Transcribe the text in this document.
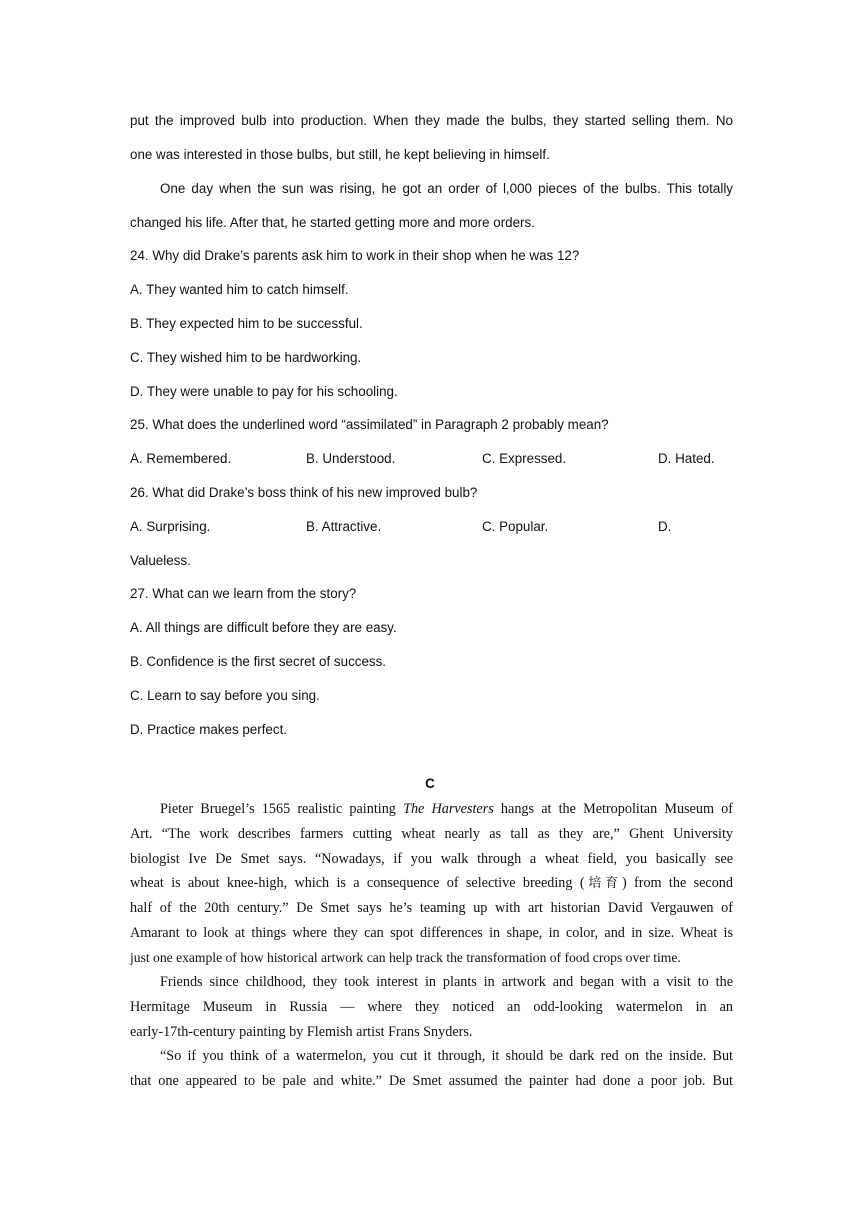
put the improved bulb into production. When they made the bulbs, they started selling them. No
one was interested in those bulbs, but still, he kept believing in himself.
One day when the sun was rising, he got an order of l,000 pieces of the bulbs. This totally
changed his life. After that, he started getting more and more orders.
24. Why did Drake’s parents ask him to work in their shop when he was 12?
A. They wanted him to catch himself.
B. They expected him to be successful.
C. They wished him to be hardworking.
D. They were unable to pay for his schooling.
25. What does the underlined word “assimilated” in Paragraph 2 probably mean?
A. Remembered.	B. Understood.	C. Expressed.	D. Hated.
26. What did Drake’s boss think of his new improved bulb?
A. Surprising.	B. Attractive.	C. Popular.	D.
Valueless.
27. What can we learn from the story?
A. All things are difficult before they are easy.
B. Confidence is the first secret of success.
C. Learn to say before you sing.
D. Practice makes perfect.
C
Pieter Bruegel’s 1565 realistic painting The Harvesters hangs at the Metropolitan Museum of
Art. “The work describes farmers cutting wheat nearly as tall as they are,” Ghent University
biologist Ive De Smet says. “Nowadays, if you walk through a wheat field, you basically see
wheat is about knee-high, which is a consequence of selective breeding (培育) from the second
half of the 20th century.” De Smet says he’s teaming up with art historian David Vergauwen of
Amarant to look at things where they can spot differences in shape, in color, and in size. Wheat is
just one example of how historical artwork can help track the transformation of food crops over time.
Friends since childhood, they took interest in plants in artwork and began with a visit to the
Hermitage Museum in Russia — where they noticed an odd-looking watermelon in an
early-17th-century painting by Flemish artist Frans Snyders.
“So if you think of a watermelon, you cut it through, it should be dark red on the inside. But
that one appeared to be pale and white.” De Smet assumed the painter had done a poor job. But
